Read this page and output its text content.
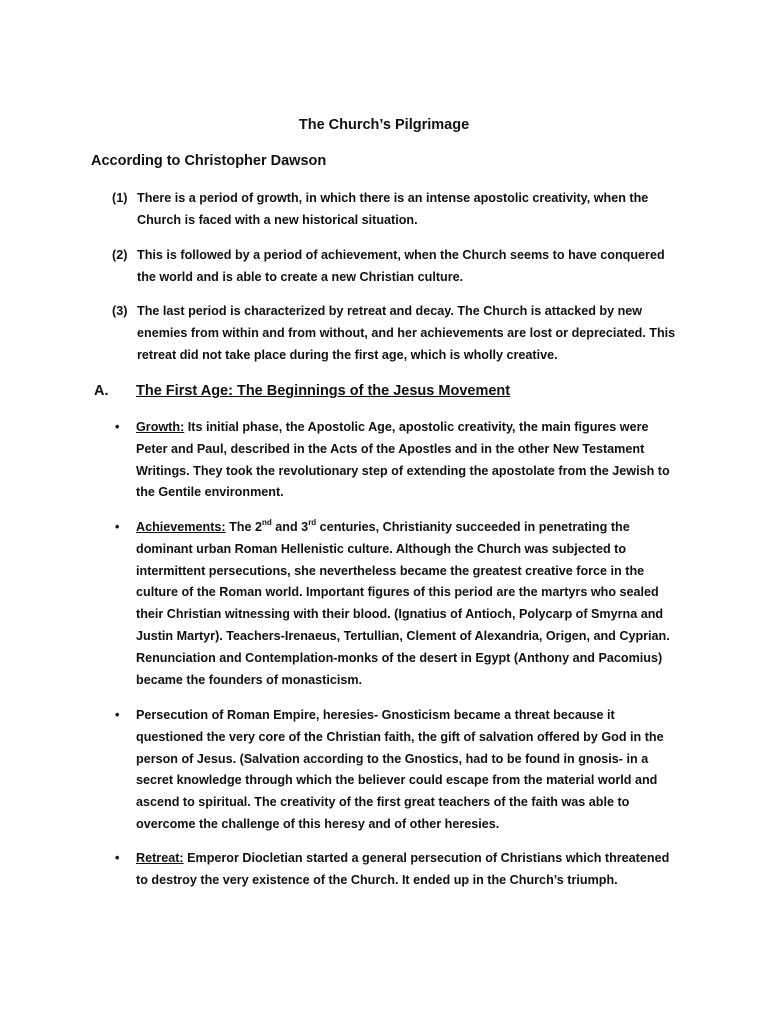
The Church’s Pilgrimage
According to Christopher Dawson
(1) There is a period of growth, in which there is an intense apostolic creativity, when the Church is faced with a new historical situation.
(2) This is followed by a period of achievement, when the Church seems to have conquered the world and is able to create a new Christian culture.
(3) The last period is characterized by retreat and decay. The Church is attacked by new enemies from within and from without, and her achievements are lost or depreciated. This retreat did not take place during the first age, which is wholly creative.
A. The First Age: The Beginnings of the Jesus Movement
• Growth: Its initial phase, the Apostolic Age, apostolic creativity, the main figures were Peter and Paul, described in the Acts of the Apostles and in the other New Testament Writings. They took the revolutionary step of extending the apostolate from the Jewish to the Gentile environment.
• Achievements: The 2nd and 3rd centuries, Christianity succeeded in penetrating the dominant urban Roman Hellenistic culture. Although the Church was subjected to intermittent persecutions, she nevertheless became the greatest creative force in the culture of the Roman world. Important figures of this period are the martyrs who sealed their Christian witnessing with their blood. (Ignatius of Antioch, Polycarp of Smyrna and Justin Martyr). Teachers-Irenaeus, Tertullian, Clement of Alexandria, Origen, and Cyprian. Renunciation and Contemplation-monks of the desert in Egypt (Anthony and Pacomius) became the founders of monasticism.
• Persecution of Roman Empire, heresies- Gnosticism became a threat because it questioned the very core of the Christian faith, the gift of salvation offered by God in the person of Jesus. (Salvation according to the Gnostics, had to be found in gnosis- in a secret knowledge through which the believer could escape from the material world and ascend to spiritual. The creativity of the first great teachers of the faith was able to overcome the challenge of this heresy and of other heresies.
• Retreat: Emperor Diocletian started a general persecution of Christians which threatened to destroy the very existence of the Church. It ended up in the Church’s triumph.
